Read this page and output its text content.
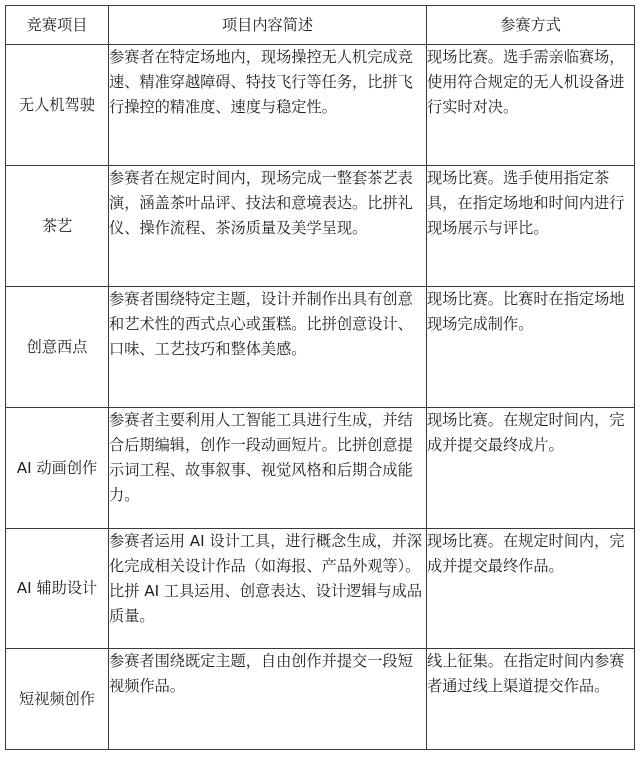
竞赛项目	项目内容简述	参赛方式
无人机驾驶	参赛者在特定场地内，现场操控无人机完成竞速、精准穿越障碍、特技飞行等任务，比拼飞行操控的精准度、速度与稳定性。	现场比赛。选手需亲临赛场，使用符合规定的无人机设备进行实时对决。
茶艺	参赛者在规定时间内，现场完成一整套茶艺表演，涵盖茶叶品评、技法和意境表达。比拼礼仪、操作流程、茶汤质量及美学呈现。	现场比赛。选手使用指定茶具，在指定场地和时间内进行现场展示与评比。
创意西点	参赛者围绕特定主题，设计并制作出具有创意和艺术性的西式点心或蛋糕。比拼创意设计、口味、工艺技巧和整体美感。	现场比赛。比赛时在指定场地现场完成制作。
AI 动画创作	参赛者主要利用人工智能工具进行生成，并结合后期编辑，创作一段动画短片。比拼创意提示词工程、故事叙事、视觉风格和后期合成能力。	现场比赛。在规定时间内，完成并提交最终成片。
AI 辅助设计	参赛者运用 AI 设计工具，进行概念生成，并深化完成相关设计作品（如海报、产品外观等）。比拼 AI 工具运用、创意表达、设计逻辑与成品质量。	现场比赛。在规定时间内，完成并提交最终作品。
短视频创作	参赛者围绕既定主题，自由创作并提交一段短视频作品。	线上征集。在指定时间内参赛者通过线上渠道提交作品。
